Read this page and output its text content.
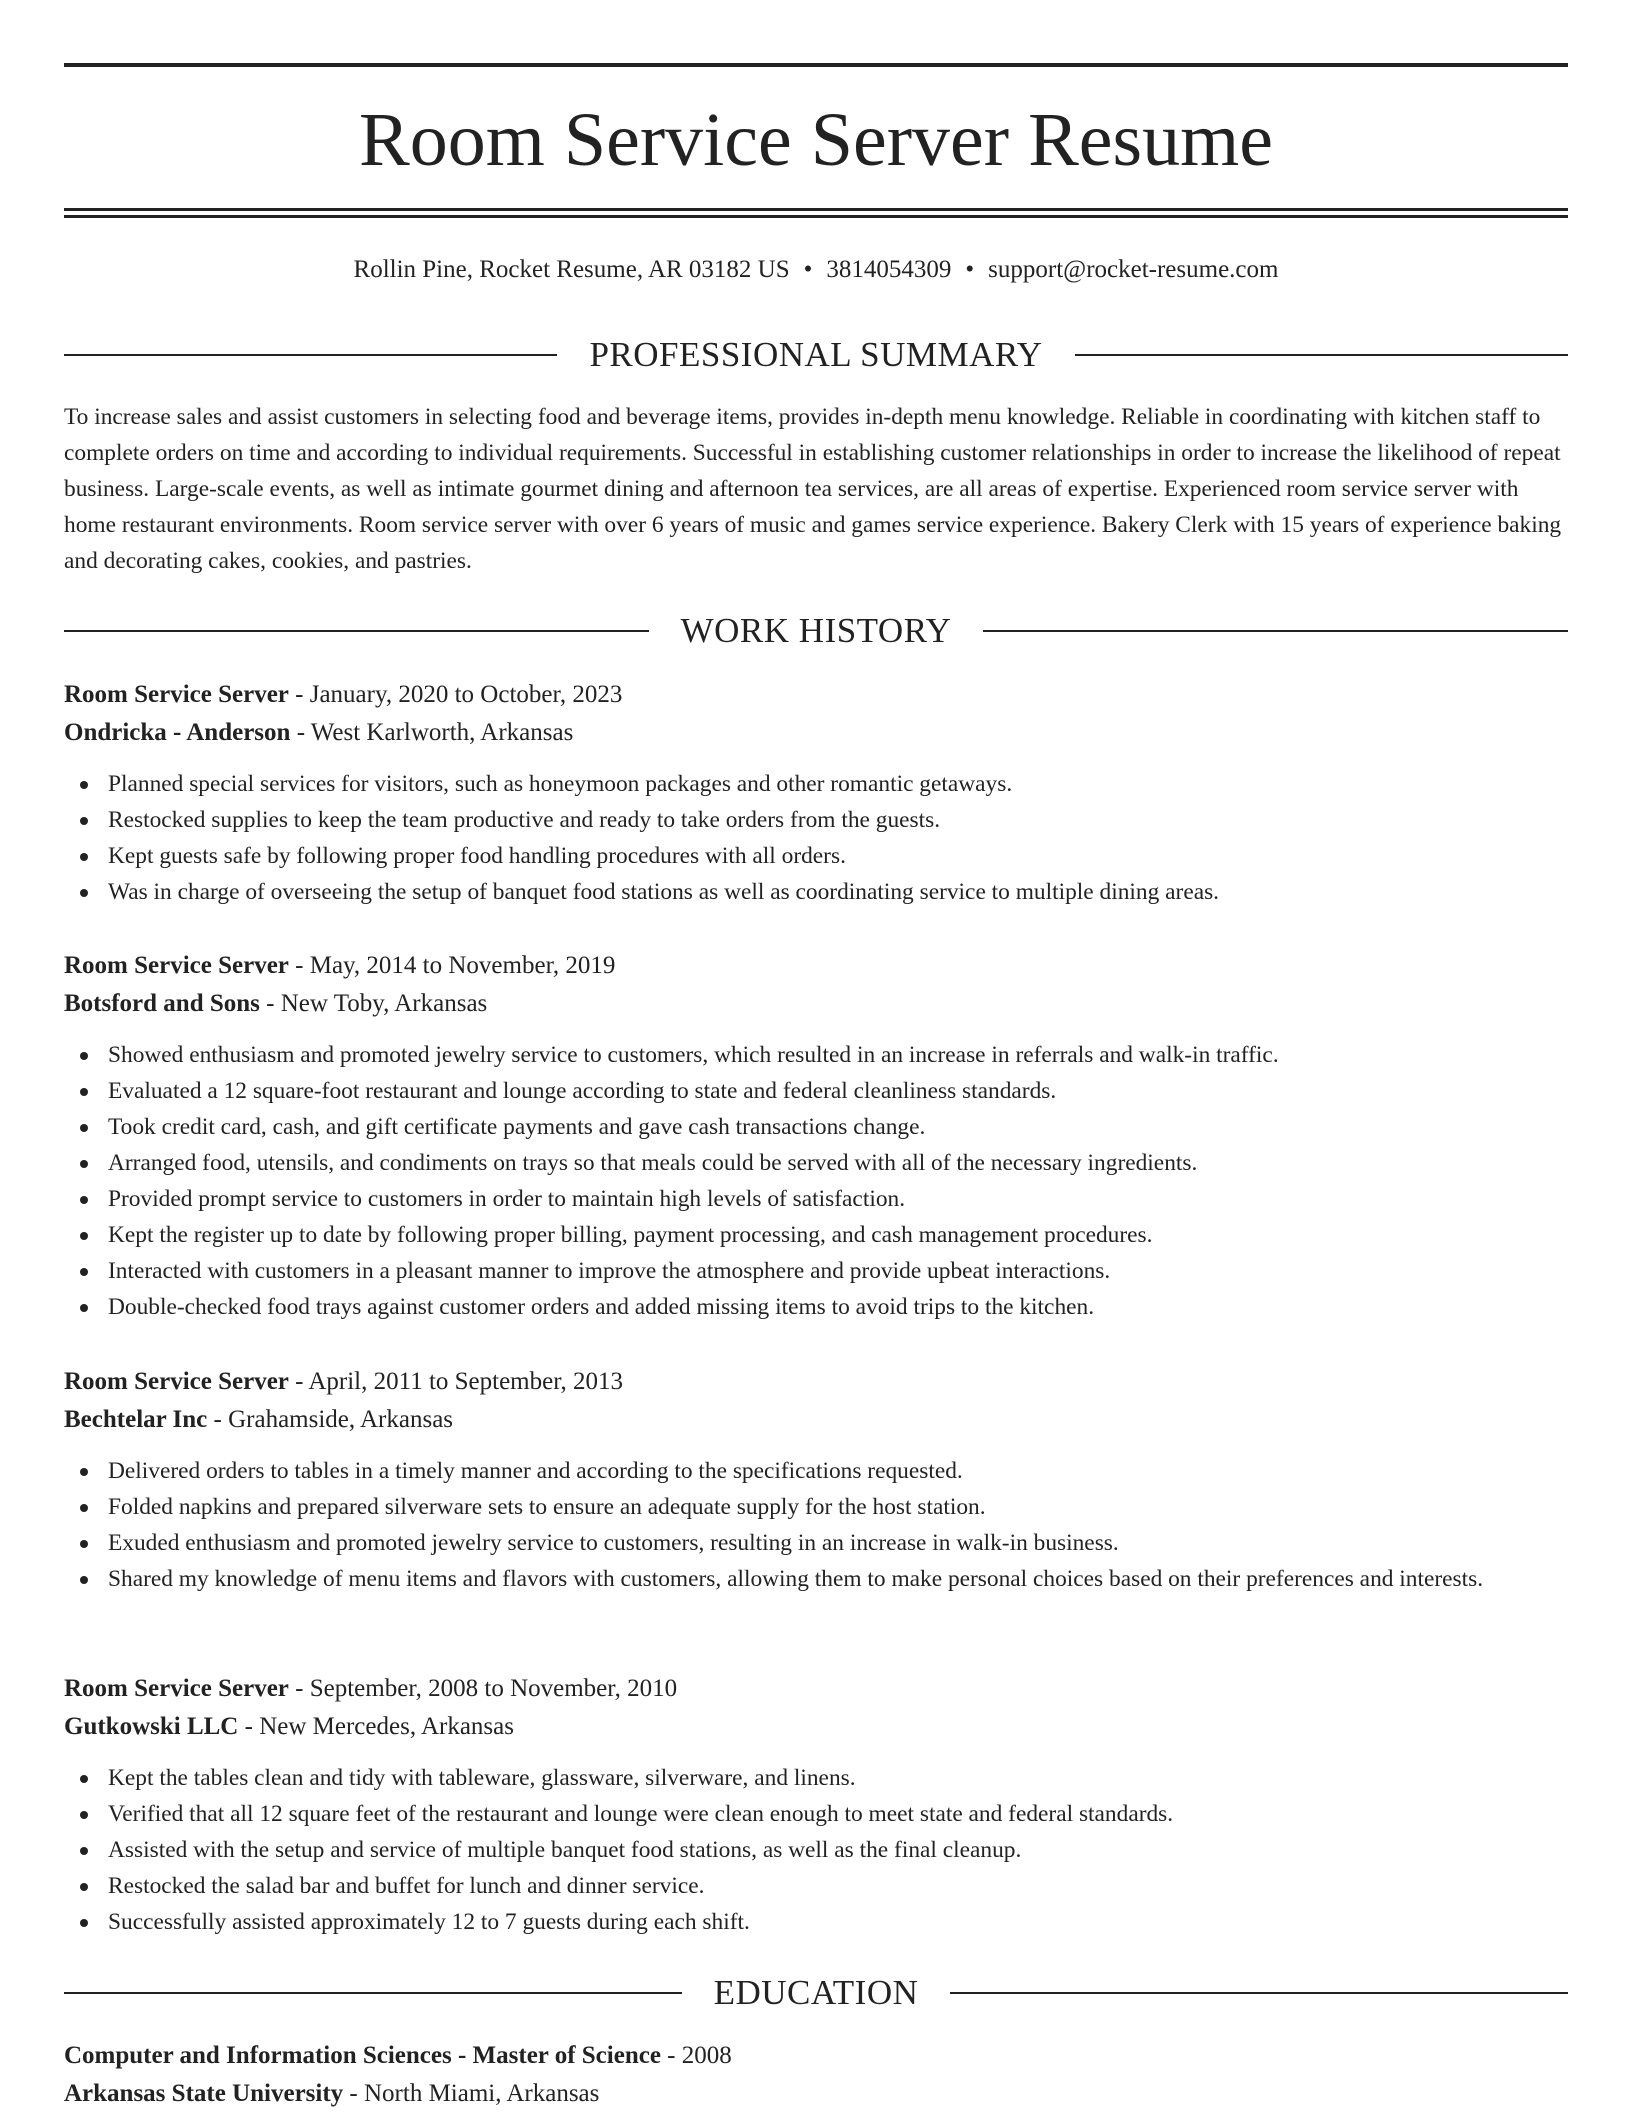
Room Service Server Resume
Rollin Pine, Rocket Resume, AR 03182 US • 3814054309 • support@rocket-resume.com
PROFESSIONAL SUMMARY

To increase sales and assist customers in selecting food and beverage items, provides in-depth menu knowledge. Reliable in coordinating with kitchen staff to complete orders on time and according to individual requirements. Successful in establishing customer relationships in order to increase the likelihood of repeat business. Large-scale events, as well as intimate gourmet dining and afternoon tea services, are all areas of expertise. Experienced room service server with home restaurant environments. Room service server with over 6 years of music and games service experience. Bakery Clerk with 15 years of experience baking and decorating cakes, cookies, and pastries.

WORK HISTORY

Room Service Server - January, 2020 to October, 2023

Ondricka - Anderson - West Karlworth, Arkansas

Planned special services for visitors, such as honeymoon packages and other romantic getaways.
Restocked supplies to keep the team productive and ready to take orders from the guests.
Kept guests safe by following proper food handling procedures with all orders.
Was in charge of overseeing the setup of banquet food stations as well as coordinating service to multiple dining areas.

Room Service Server - May, 2014 to November, 2019

Botsford and Sons - New Toby, Arkansas

Showed enthusiasm and promoted jewelry service to customers, which resulted in an increase in referrals and walk-in traffic.
Evaluated a 12 square-foot restaurant and lounge according to state and federal cleanliness standards.
Took credit card, cash, and gift certificate payments and gave cash transactions change.
Arranged food, utensils, and condiments on trays so that meals could be served with all of the necessary ingredients.
Provided prompt service to customers in order to maintain high levels of satisfaction.
Kept the register up to date by following proper billing, payment processing, and cash management procedures.
Interacted with customers in a pleasant manner to improve the atmosphere and provide upbeat interactions.
Double-checked food trays against customer orders and added missing items to avoid trips to the kitchen.

Room Service Server - April, 2011 to September, 2013

Bechtelar Inc - Grahamside, Arkansas

Delivered orders to tables in a timely manner and according to the specifications requested.
Folded napkins and prepared silverware sets to ensure an adequate supply for the host station.
Exuded enthusiasm and promoted jewelry service to customers, resulting in an increase in walk-in business.
Shared my knowledge of menu items and flavors with customers, allowing them to make personal choices based on their preferences and interests.

Room Service Server - September, 2008 to November, 2010

Gutkowski LLC - New Mercedes, Arkansas

Kept the tables clean and tidy with tableware, glassware, silverware, and linens.
Verified that all 12 square feet of the restaurant and lounge were clean enough to meet state and federal standards.
Assisted with the setup and service of multiple banquet food stations, as well as the final cleanup.
Restocked the salad bar and buffet for lunch and dinner service.
Successfully assisted approximately 12 to 7 guests during each shift.
EDUCATION

Computer and Information Sciences - Master of Science - 2008

Arkansas State University - North Miami, Arkansas
